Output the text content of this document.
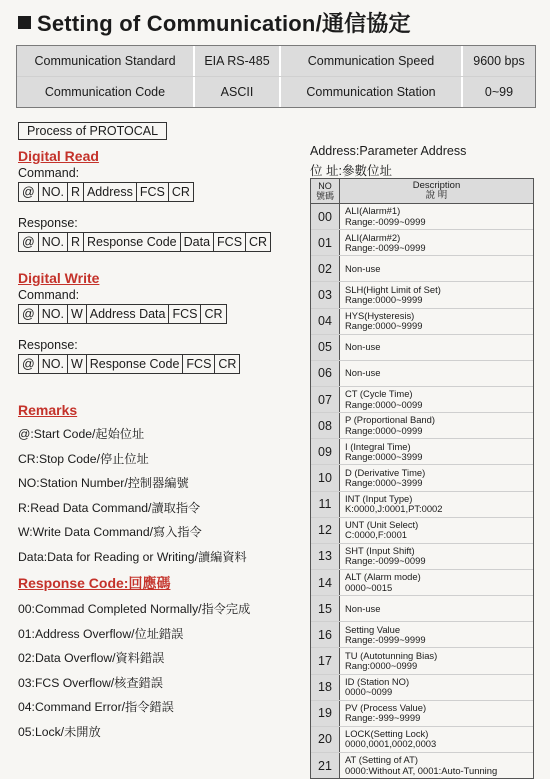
Setting of Communication/通信協定
Communication Standard	EIA RS-485	Communication Speed	9600 bps
Communication Code	ASCII	Communication Station	0~99
Process of PROTOCAL
Digital Read
Command:
@ NO. R Address FCS CR
Response:
@ NO. R Response Code Data FCS CR
Digital Write
Command:
@ NO. W Address Data FCS CR
Response:
@ NO. W Response Code FCS CR
Remarks
@:Start Code/起始位址
CR:Stop Code/停止位址
NO:Station Number/控制器編號
R:Read Data Command/讀取指令
W:Write Data Command/寫入指令
Data:Data for Reading or Writing/讀編資料
Response Code:回應碼
00:Commad Completed Normally/指令完成
01:Address Overflow/位址錯誤
02:Data Overflow/資料錯誤
03:FCS Overflow/核查錯誤
04:Command Error/指令錯誤
05:Lock/未開放
Address:Parameter Address
位 址:參數位址
NO
號碼
Description
說 明
00	ALI(Alarm#1)
Range:-0099~0999
01	ALI(Alarm#2)
Range:-0099~0999
02	Non-use
03	SLH(Hight Limit of Set)
Range:0000~9999
04	HYS(Hysteresis)
Range:0000~9999
05	Non-use
06	Non-use
07	CT (Cycle Time)
Range:0000~0099
08	P (Proportional Band)
Range:0000~0999
09	I (Integral Time)
Range:0000~3999
10	D (Derivative Time)
Range:0000~3999
11	INT (Input Type)
K:0000,J:0001,PT:0002
12	UNT (Unit Select)
C:0000,F:0001
13	SHT (Input Shift)
Range:-0099~0099
14	ALT (Alarm mode)
0000~0015
15	Non-use
16	Setting Value
Range:-0999~9999
17	TU (Autotunning Bias)
Rang:0000~0999
18	ID (Station NO)
0000~0099
19	PV (Process Value)
Range:-999~9999
20	LOCK(Setting Lock)
0000,0001,0002,0003
21	AT (Setting of AT)
0000:Without AT, 0001:Auto-Tunning
